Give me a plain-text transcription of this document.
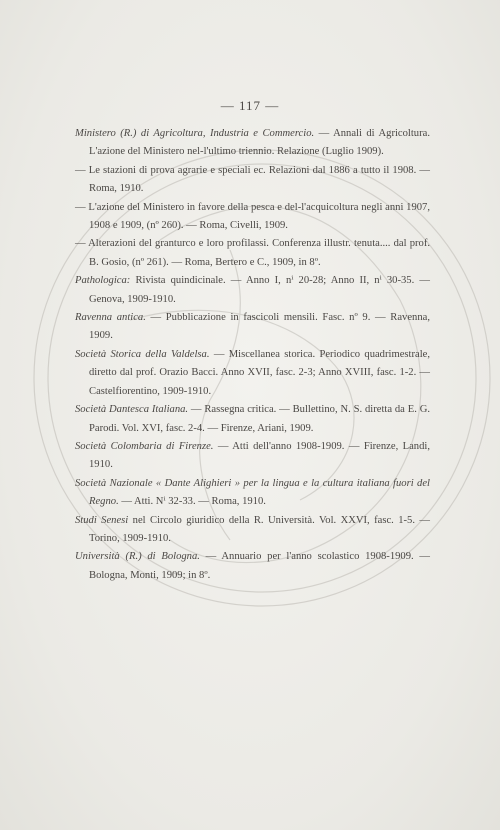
— 117 —

Ministero (R.) di Agricoltura, Industria e Commercio. — Annali di Agricoltura. L'azione del Ministero nel-l'ultimo triennio. Relazione (Luglio 1909).

— Le stazioni di prova agrarie e speciali ec. Relazioni dal 1886 a tutto il 1908. — Roma, 1910.

— L'azione del Ministero in favore della pesca e del-l'acquicoltura negli anni 1907, 1908 e 1909, (nº 260). — Roma, Civelli, 1909.

— Alterazioni del granturco e loro profilassi. Conferenza illustr. tenuta.... dal prof. B. Gosio, (nº 261). — Roma, Bertero e C., 1909, in 8º.

Pathologica: Rivista quindicinale. — Anno I, nⁱ 20-28; Anno II, nⁱ 30-35. — Genova, 1909-1910.

Ravenna antica. — Pubblicazione in fascicoli mensili. Fasc. nº 9. — Ravenna, 1909.

Società Storica della Valdelsa. — Miscellanea storica. Periodico quadrimestrale, diretto dal prof. Orazio Bacci. Anno XVII, fasc. 2-3; Anno XVIII, fasc. 1-2. — Castelfiorentino, 1909-1910.

Società Dantesca Italiana. — Rassegna critica. — Bullettino, N. S. diretta da E. G. Parodi. Vol. XVI, fasc. 2-4. — Firenze, Ariani, 1909.

Società Colombaria di Firenze. — Atti dell'anno 1908-1909. — Firenze, Landi, 1910.

Società Nazionale « Dante Alighieri » per la lingua e la cultura italiana fuori del Regno. — Atti. Nⁱ 32-33. — Roma, 1910.

Studi Senesi nel Circolo giuridico della R. Università. Vol. XXVI, fasc. 1-5. — Torino, 1909-1910.

Università (R.) di Bologna. — Annuario per l'anno scolastico 1908-1909. — Bologna, Monti, 1909; in 8º.
